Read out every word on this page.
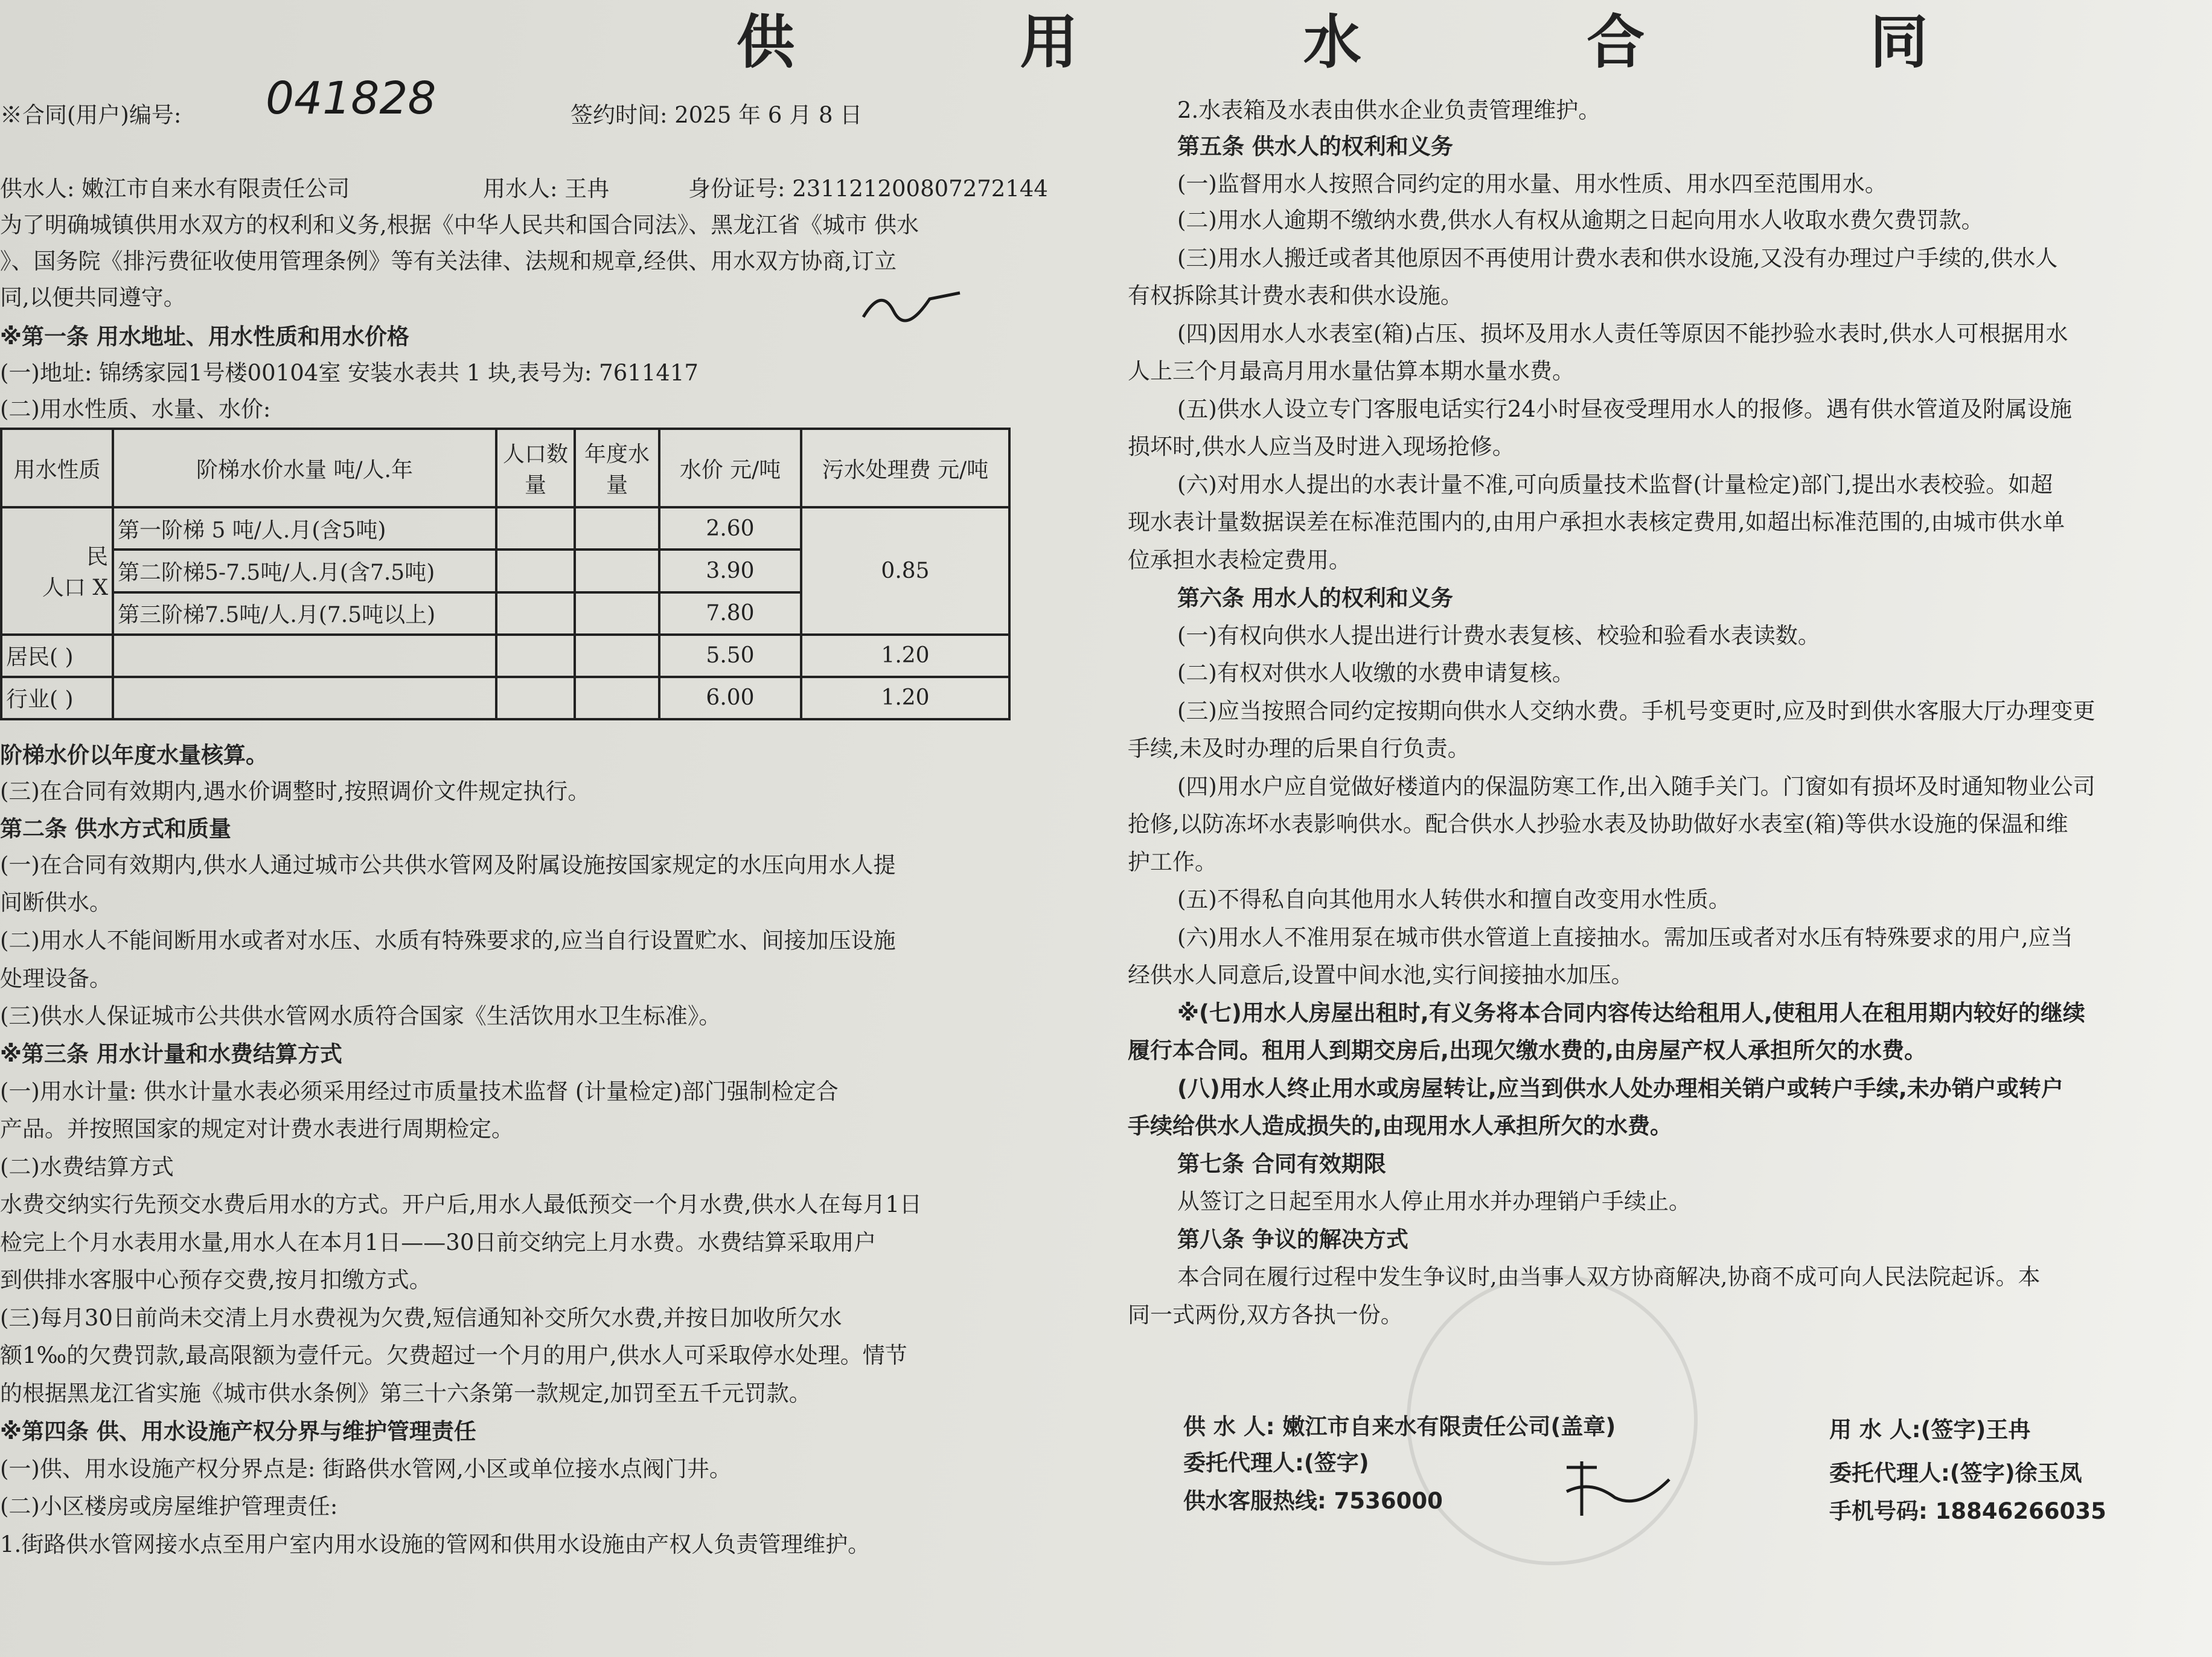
供 用 水 合 同
※合同(用户)编号: 041828	签约时间: 2025 年 6 月 8 日
供水人: 嫩江市自来水有限责任公司	用水人: 王冉	身份证号: 231121200807272144
为了明确城镇供用水双方的权利和义务,根据《中华人民共和国合同法》、黑龙江省《城市 供水
》、国务院《排污费征收使用管理条例》等有关法律、法规和规章,经供、用水双方协商,订立
同,以便共同遵守。
※第一条 用水地址、用水性质和用水价格
(一)地址: 锦绣家园1号楼00104室 安装水表共 1 块,表号为: 7611417
(二)用水性质、水量、水价:
用水性质	阶梯水价水量 吨/人.年	人口数量	年度水量	水价 元/吨	污水处理费 元/吨

民
人口 X	第一阶梯 5 吨/人.月(含5吨)			2.60	0.85
	第二阶梯5-7.5吨/人.月(含7.5吨)			3.90	
	第三阶梯7.5吨/人.月(7.5吨以上)			7.80	
居民( )				5.50	1.20
行业( )				6.00	1.20
阶梯水价以年度水量核算。
(三)在合同有效期内,遇水价调整时,按照调价文件规定执行。
第二条 供水方式和质量
(一)在合同有效期内,供水人通过城市公共供水管网及附属设施按国家规定的水压向用水人提
间断供水。
(二)用水人不能间断用水或者对水压、水质有特殊要求的,应当自行设置贮水、间接加压设施
处理设备。
(三)供水人保证城市公共供水管网水质符合国家《生活饮用水卫生标准》。
※第三条 用水计量和水费结算方式
(一)用水计量: 供水计量水表必须采用经过市质量技术监督 (计量检定)部门强制检定合
产品。并按照国家的规定对计费水表进行周期检定。
(二)水费结算方式
水费交纳实行先预交水费后用水的方式。开户后,用水人最低预交一个月水费,供水人在每月1日
检完上个月水表用水量,用水人在本月1日——30日前交纳完上月水费。水费结算采取用户
到供排水客服中心预存交费,按月扣缴方式。
(三)每月30日前尚未交清上月水费视为欠费,短信通知补交所欠水费,并按日加收所欠水
额1‰的欠费罚款,最高限额为壹仟元。欠费超过一个月的用户,供水人可采取停水处理。情节
的根据黑龙江省实施《城市供水条例》第三十六条第一款规定,加罚至五千元罚款。
※第四条 供、用水设施产权分界与维护管理责任
(一)供、用水设施产权分界点是: 街路供水管网,小区或单位接水点阀门井。
(二)小区楼房或房屋维护管理责任:
1.街路供水管网接水点至用户室内用水设施的管网和供用水设施由产权人负责管理维护。
2.水表箱及水表由供水企业负责管理维护。
第五条 供水人的权利和义务
(一)监督用水人按照合同约定的用水量、用水性质、用水四至范围用水。
(二)用水人逾期不缴纳水费,供水人有权从逾期之日起向用水人收取水费欠费罚款。
(三)用水人搬迁或者其他原因不再使用计费水表和供水设施,又没有办理过户手续的,供水人
有权拆除其计费水表和供水设施。
(四)因用水人水表室(箱)占压、损坏及用水人责任等原因不能抄验水表时,供水人可根据用水
人上三个月最高月用水量估算本期水量水费。
(五)供水人设立专门客服电话实行24小时昼夜受理用水人的报修。遇有供水管道及附属设施
损坏时,供水人应当及时进入现场抢修。
(六)对用水人提出的水表计量不准,可向质量技术监督(计量检定)部门,提出水表校验。如超
现水表计量数据误差在标准范围内的,由用户承担水表核定费用,如超出标准范围的,由城市供水单
位承担水表检定费用。
第六条 用水人的权利和义务
(一)有权向供水人提出进行计费水表复核、校验和验看水表读数。
(二)有权对供水人收缴的水费申请复核。
(三)应当按照合同约定按期向供水人交纳水费。手机号变更时,应及时到供水客服大厅办理变更
手续,未及时办理的后果自行负责。
(四)用水户应自觉做好楼道内的保温防寒工作,出入随手关门。门窗如有损坏及时通知物业公司
抢修,以防冻坏水表影响供水。配合供水人抄验水表及协助做好水表室(箱)等供水设施的保温和维
护工作。
(五)不得私自向其他用水人转供水和擅自改变用水性质。
(六)用水人不准用泵在城市供水管道上直接抽水。需加压或者对水压有特殊要求的用户,应当
经供水人同意后,设置中间水池,实行间接抽水加压。
※(七)用水人房屋出租时,有义务将本合同内容传达给租用人,使租用人在租用期内较好的继续
履行本合同。租用人到期交房后,出现欠缴水费的,由房屋产权人承担所欠的水费。
(八)用水人终止用水或房屋转让,应当到供水人处办理相关销户或转户手续,未办销户或转户
手续给供水人造成损失的,由现用水人承担所欠的水费。
第七条 合同有效期限
从签订之日起至用水人停止用水并办理销户手续止。
第八条 争议的解决方式
本合同在履行过程中发生争议时,由当事人双方协商解决,协商不成可向人民法院起诉。本
同一式两份,双方各执一份。
供 水 人: 嫩江市自来水有限责任公司(盖章)
委托代理人:(签字)
供水客服热线: 7536000
用 水 人:(签字)王冉
委托代理人:(签字)徐玉凤
手机号码: 18846266035
